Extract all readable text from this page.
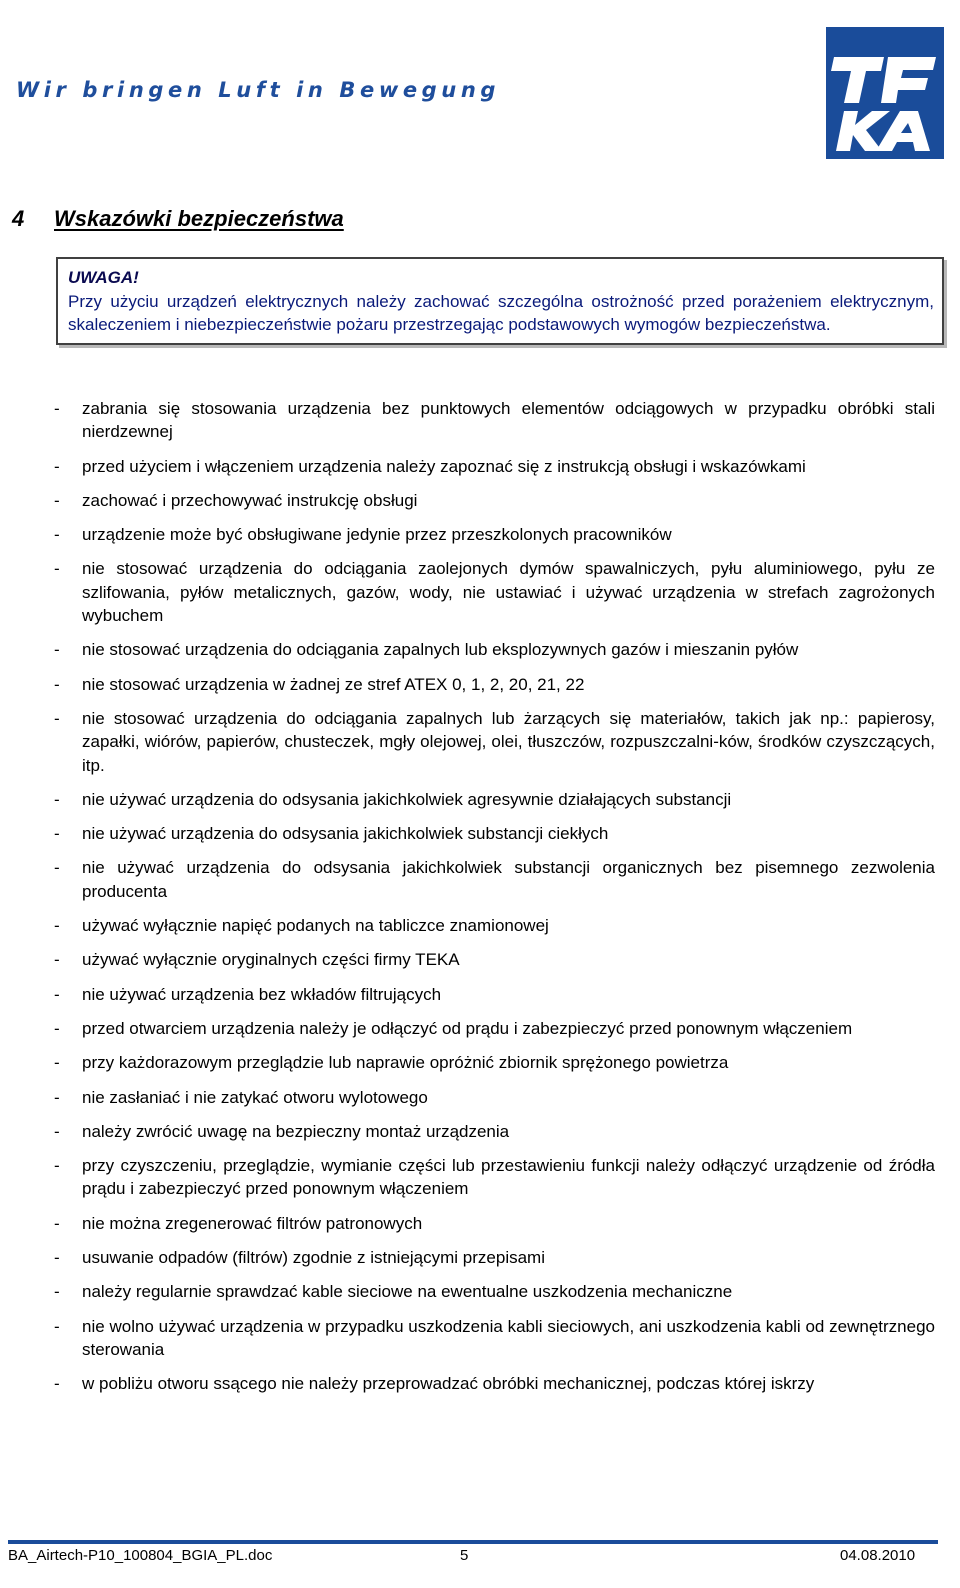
Wir bringen Luft in Bewegung
4 Wskazówki bezpieczeństwa
UWAGA!
Przy użyciu urządzeń elektrycznych należy zachować szczególna ostrożność przed porażeniem elektrycznym, skaleczeniem i niebezpieczeństwie pożaru przestrzegając podstawowych wymogów bezpieczeństwa.
- zabrania się stosowania urządzenia bez punktowych elementów odciągowych w przypadku obróbki stali nierdzewnej
- przed użyciem i włączeniem urządzenia należy zapoznać się z instrukcją obsługi i wskazówkami
- zachować i przechowywać instrukcję obsługi
- urządzenie może być obsługiwane jedynie przez przeszkolonych pracowników
- nie stosować urządzenia do odciągania zaolejonych dymów spawalniczych, pyłu aluminiowego, pyłu ze szlifowania, pyłów metalicznych, gazów, wody, nie ustawiać i używać urządzenia w strefach zagrożonych wybuchem
- nie stosować urządzenia do odciągania zapalnych lub eksplozywnych gazów i mieszanin pyłów
- nie stosować urządzenia w żadnej ze stref ATEX 0, 1, 2, 20, 21, 22
- nie stosować urządzenia do odciągania zapalnych lub żarzących się materiałów, takich jak np.: papierosy, zapałki, wiórów, papierów, chusteczek, mgły olejowej, olei, tłuszczów, rozpuszczalni-ków, środków czyszczących, itp.
- nie używać urządzenia do odsysania jakichkolwiek agresywnie działających substancji
- nie używać urządzenia do odsysania jakichkolwiek substancji ciekłych
- nie używać urządzenia do odsysania jakichkolwiek substancji organicznych bez pisemnego zezwolenia producenta
- używać wyłącznie napięć podanych na tabliczce znamionowej
- używać wyłącznie oryginalnych części firmy TEKA
- nie używać urządzenia bez wkładów filtrujących
- przed otwarciem urządzenia należy je odłączyć od prądu i zabezpieczyć przed ponownym włączeniem
- przy każdorazowym przeglądzie lub naprawie opróżnić zbiornik sprężonego powietrza
- nie zasłaniać i nie zatykać otworu wylotowego
- należy zwrócić uwagę na bezpieczny montaż urządzenia
- przy czyszczeniu, przeglądzie, wymianie części lub przestawieniu funkcji należy odłączyć urządzenie od źródła prądu i zabezpieczyć przed ponownym włączeniem
- nie można zregenerować filtrów patronowych
- usuwanie odpadów (filtrów) zgodnie z istniejącymi przepisami
- należy regularnie sprawdzać kable sieciowe na ewentualne uszkodzenia mechaniczne
- nie wolno używać urządzenia w przypadku uszkodzenia kabli sieciowych, ani uszkodzenia kabli od zewnętrznego sterowania
- w pobliżu otworu ssącego nie należy przeprowadzać obróbki mechanicznej, podczas której iskrzy
BA_Airtech-P10_100804_BGIA_PL.doc	5	04.08.2010
